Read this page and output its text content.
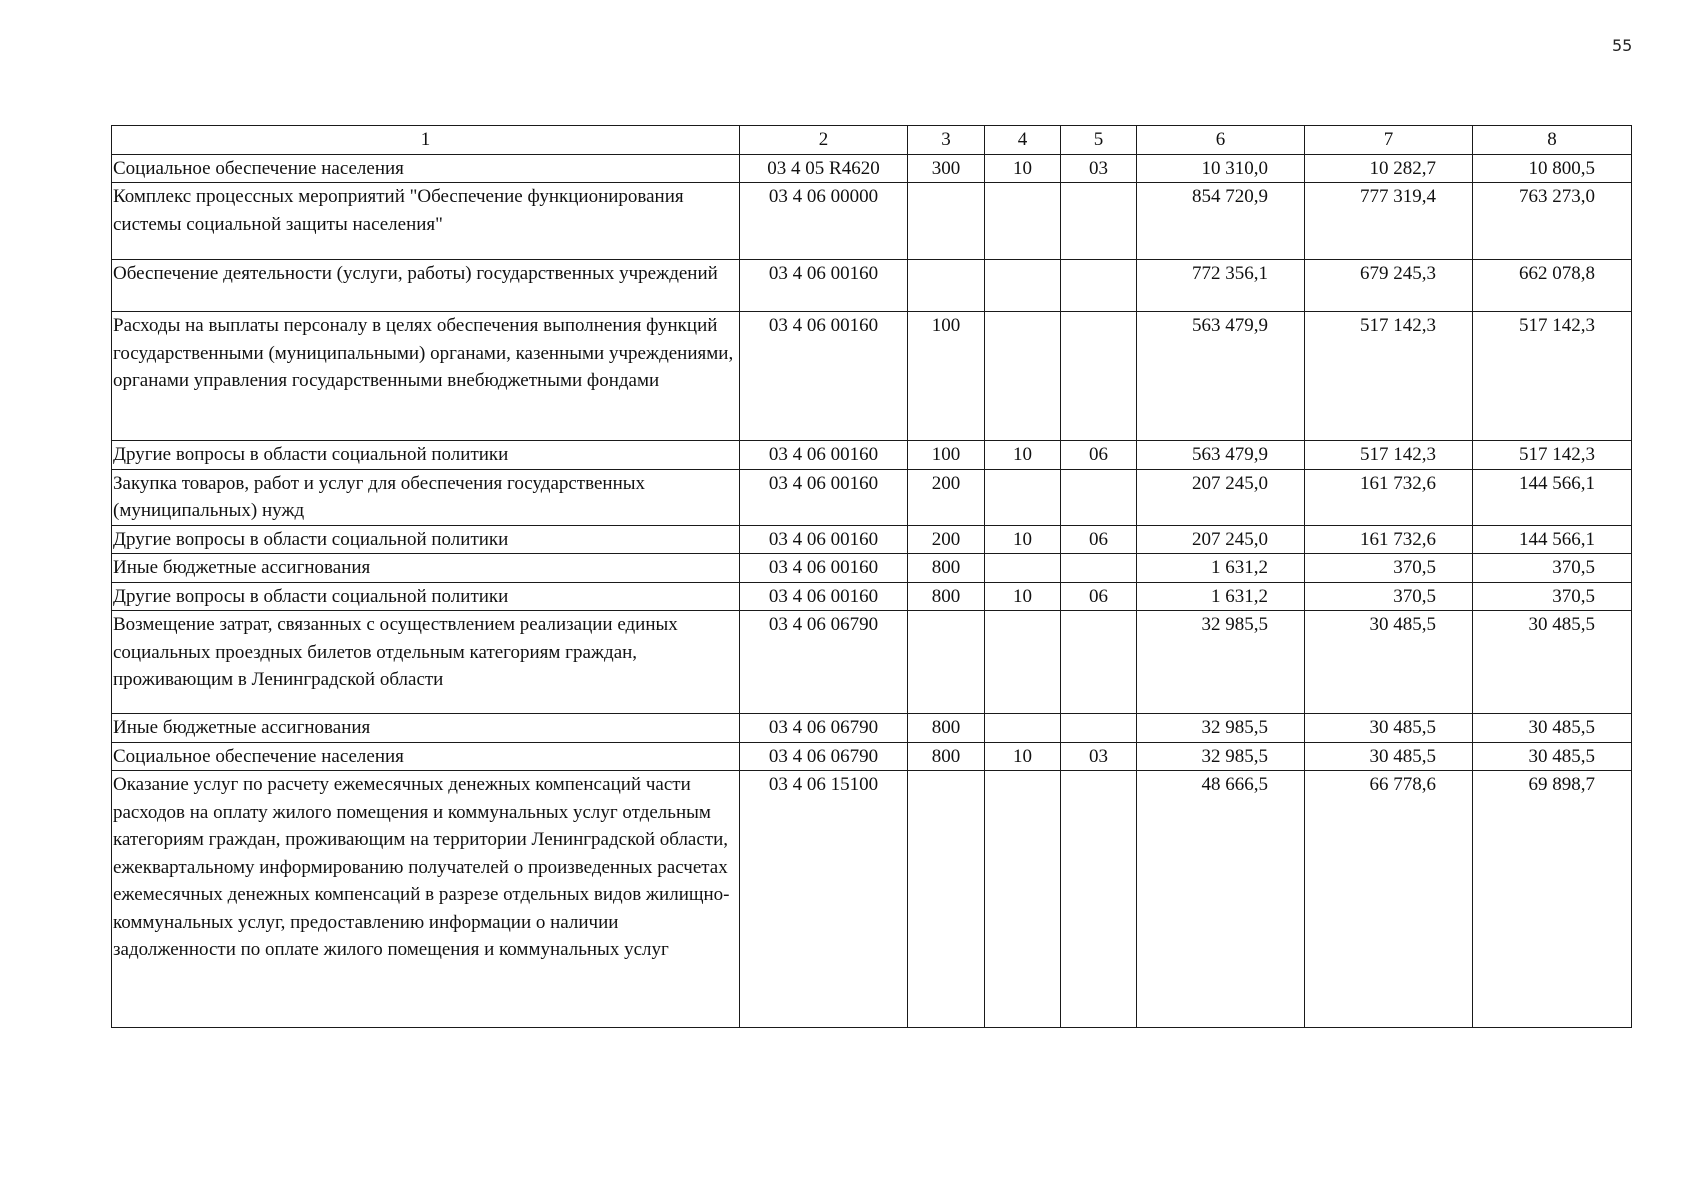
55
1	2	3	4	5	6	7	8
Социальное обеспечение населения	03 4 05 R4620	300	10	03	10 310,0	10 282,7	10 800,5
Комплекс процессных мероприятий "Обеспечение функционирования системы социальной защиты населения"	03 4 06 00000				854 720,9	777 319,4	763 273,0
Обеспечение деятельности (услуги, работы) государственных учреждений	03 4 06 00160				772 356,1	679 245,3	662 078,8
Расходы на выплаты персоналу в целях обеспечения выполнения функций государственными (муниципальными) органами, казенными учреждениями, органами управления государственными внебюджетными фондами	03 4 06 00160	100			563 479,9	517 142,3	517 142,3
Другие вопросы в области социальной политики	03 4 06 00160	100	10	06	563 479,9	517 142,3	517 142,3
Закупка товаров, работ и услуг для обеспечения государственных (муниципальных) нужд	03 4 06 00160	200			207 245,0	161 732,6	144 566,1
Другие вопросы в области социальной политики	03 4 06 00160	200	10	06	207 245,0	161 732,6	144 566,1
Иные бюджетные ассигнования	03 4 06 00160	800			1 631,2	370,5	370,5
Другие вопросы в области социальной политики	03 4 06 00160	800	10	06	1 631,2	370,5	370,5
Возмещение затрат, связанных с осуществлением реализации единых социальных проездных билетов отдельным категориям граждан, проживающим в Ленинградской области	03 4 06 06790				32 985,5	30 485,5	30 485,5
Иные бюджетные ассигнования	03 4 06 06790	800			32 985,5	30 485,5	30 485,5
Социальное обеспечение населения	03 4 06 06790	800	10	03	32 985,5	30 485,5	30 485,5
Оказание услуг по расчету ежемесячных денежных компенсаций части расходов на оплату жилого помещения и коммунальных услуг отдельным категориям граждан, проживающим на территории Ленинградской области, ежеквартальному информированию получателей о произведенных расчетах ежемесячных денежных компенсаций в разрезе отдельных видов жилищно-коммунальных услуг, предоставлению информации о наличии задолженности по оплате жилого помещения и коммунальных услуг	03 4 06 15100				48 666,5	66 778,6	69 898,7
